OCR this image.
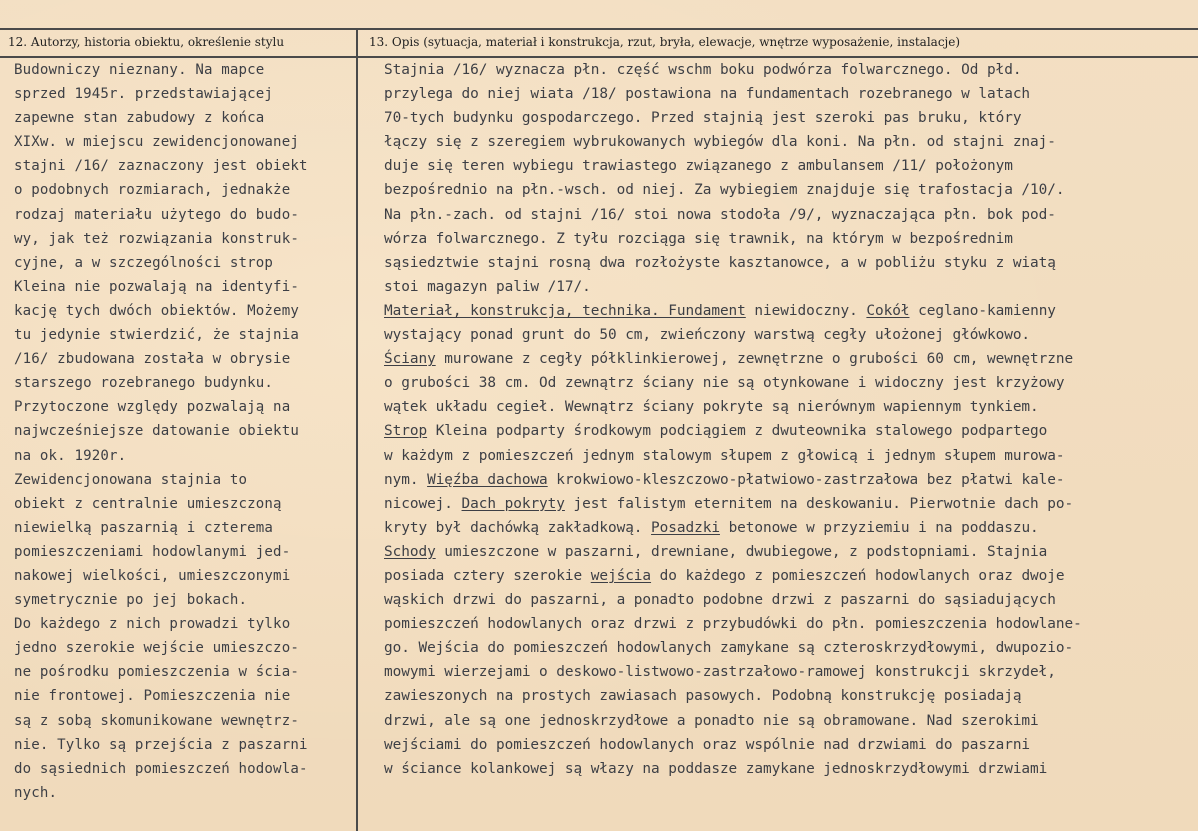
12. Autorzy, historia obiektu, określenie stylu	13. Opis (sytuacja, materiał i konstrukcja, rzut, bryła, elewacje, wnętrze wyposażenie, instalacje)
Budowniczy nieznany. Na mapce
sprzed 1945r. przedstawiającej
zapewne stan zabudowy z końca
XIXw. w miejscu zewidencjonowanej
stajni /16/ zaznaczony jest obiekt
o podobnych rozmiarach, jednakże
rodzaj materiału użytego do budo-
wy, jak też rozwiązania konstruk-
cyjne, a w szczególności strop
Kleina nie pozwalają na identyfi-
kację tych dwóch obiektów. Możemy
tu jedynie stwierdzić, że stajnia
/16/ zbudowana została w obrysie
starszego rozebranego budynku.
Przytoczone względy pozwalają na
najwcześniejsze datowanie obiektu
na ok. 1920r.
Zewidencjonowana stajnia to
obiekt z centralnie umieszczoną
niewielką paszarnią i czterema
pomieszczeniami hodowlanymi jed-
nakowej wielkości, umieszczonymi
symetrycznie po jej bokach.
Do każdego z nich prowadzi tylko
jedno szerokie wejście umieszczo-
ne pośrodku pomieszczenia w ścia-
nie frontowej. Pomieszczenia nie
są z sobą skomunikowane wewnętrz-
nie. Tylko są przejścia z paszarni
do sąsiednich pomieszczeń hodowla-
nych.
Stajnia /16/ wyznacza płn. część wschm boku podwórza folwarcznego. Od płd.
przylega do niej wiata /18/ postawiona na fundamentach rozebranego w latach
70-tych budynku gospodarczego. Przed stajnią jest szeroki pas bruku, który
łączy się z szeregiem wybrukowanych wybiegów dla koni. Na płn. od stajni znaj-
duje się teren wybiegu trawiastego związanego z ambulansem /11/ położonym
bezpośrednio na płn.-wsch. od niej. Za wybiegiem znajduje się trafostacja /10/.
Na płn.-zach. od stajni /16/ stoi nowa stodoła /9/, wyznaczająca płn. bok pod-
wórza folwarcznego. Z tyłu rozciąga się trawnik, na którym w bezpośrednim
sąsiedztwie stajni rosną dwa rozłożyste kasztanowce, a w pobliżu styku z wiatą
stoi magazyn paliw /17/.
Materiał, konstrukcja, technika. Fundament niewidoczny. Cokół ceglano-kamienny
wystający ponad grunt do 50 cm, zwieńczony warstwą cegły ułożonej główkowo.
Ściany murowane z cegły półklinkierowej, zewnętrzne o grubości 60 cm, wewnętrzne
o grubości 38 cm. Od zewnątrz ściany nie są otynkowane i widoczny jest krzyżowy
wątek układu cegieł. Wewnątrz ściany pokryte są nierównym wapiennym tynkiem.
Strop Kleina podparty środkowym podciągiem z dwuteownika stalowego podpartego
w każdym z pomieszczeń jednym stalowym słupem z głowicą i jednym słupem murowa-
nym. Więźba dachowa krokwiowo-kleszczowo-płatwiowo-zastrzałowa bez płatwi kale-
nicowej. Dach pokryty jest falistym eternitem na deskowaniu. Pierwotnie dach po-
kryty był dachówką zakładkową. Posadzki betonowe w przyziemiu i na poddaszu.
Schody umieszczone w paszarni, drewniane, dwubiegowe, z podstopniami. Stajnia
posiada cztery szerokie wejścia do każdego z pomieszczeń hodowlanych oraz dwoje
wąskich drzwi do paszarni, a ponadto podobne drzwi z paszarni do sąsiadujących
pomieszczeń hodowlanych oraz drzwi z przybudówki do płn. pomieszczenia hodowlane-
go. Wejścia do pomieszczeń hodowlanych zamykane są czteroskrzydłowymi, dwupozio-
mowymi wierzejami o deskowo-listwowo-zastrzałowo-ramowej konstrukcji skrzydeł,
zawieszonych na prostych zawiasach pasowych. Podobną konstrukcję posiadają
drzwi, ale są one jednoskrzydłowe a ponadto nie są obramowane. Nad szerokimi
wejściami do pomieszczeń hodowlanych oraz wspólnie nad drzwiami do paszarni
w ściance kolankowej są włazy na poddasze zamykane jednoskrzydłowymi drzwiami
